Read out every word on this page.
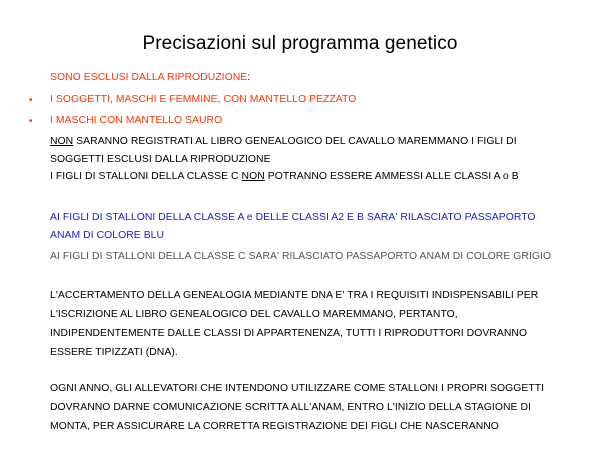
Precisazioni sul programma genetico
SONO ESCLUSI DALLA RIPRODUZIONE:
• I SOGGETTI, MASCHI E FEMMINE, CON MANTELLO PEZZATO
• I MASCHI CON MANTELLO SAURO
NON SARANNO REGISTRATI AL LIBRO GENEALOGICO DEL CAVALLO MAREMMANO I FIGLI DI
SOGGETTI ESCLUSI DALLA RIPRODUZIONE
I FIGLI DI STALLONI DELLA CLASSE C NON POTRANNO ESSERE AMMESSI ALLE CLASSI A o B
AI FIGLI DI STALLONI DELLA CLASSE A e DELLE CLASSI A2 E B SARA' RILASCIATO PASSAPORTO
ANAM DI COLORE BLU
AI FIGLI DI STALLONI DELLA CLASSE C SARA' RILASCIATO PASSAPORTO ANAM DI COLORE GRIGIO
L'ACCERTAMENTO DELLA GENEALOGIA MEDIANTE DNA E' TRA I REQUISITI INDISPENSABILI PER
L'ISCRIZIONE AL LIBRO GENEALOGICO DEL CAVALLO MAREMMANO, PERTANTO,
INDIPENDENTEMENTE DALLE CLASSI DI APPARTENENZA, TUTTI I RIPRODUTTORI DOVRANNO
ESSERE TIPIZZATI (DNA).
OGNI ANNO, GLI ALLEVATORI CHE INTENDONO UTILIZZARE COME STALLONI I PROPRI SOGGETTI
DOVRANNO DARNE COMUNICAZIONE SCRITTA ALL'ANAM, ENTRO L'INIZIO DELLA STAGIONE DI
MONTA, PER ASSICURARE LA CORRETTA REGISTRAZIONE DEI FIGLI CHE NASCERANNO
